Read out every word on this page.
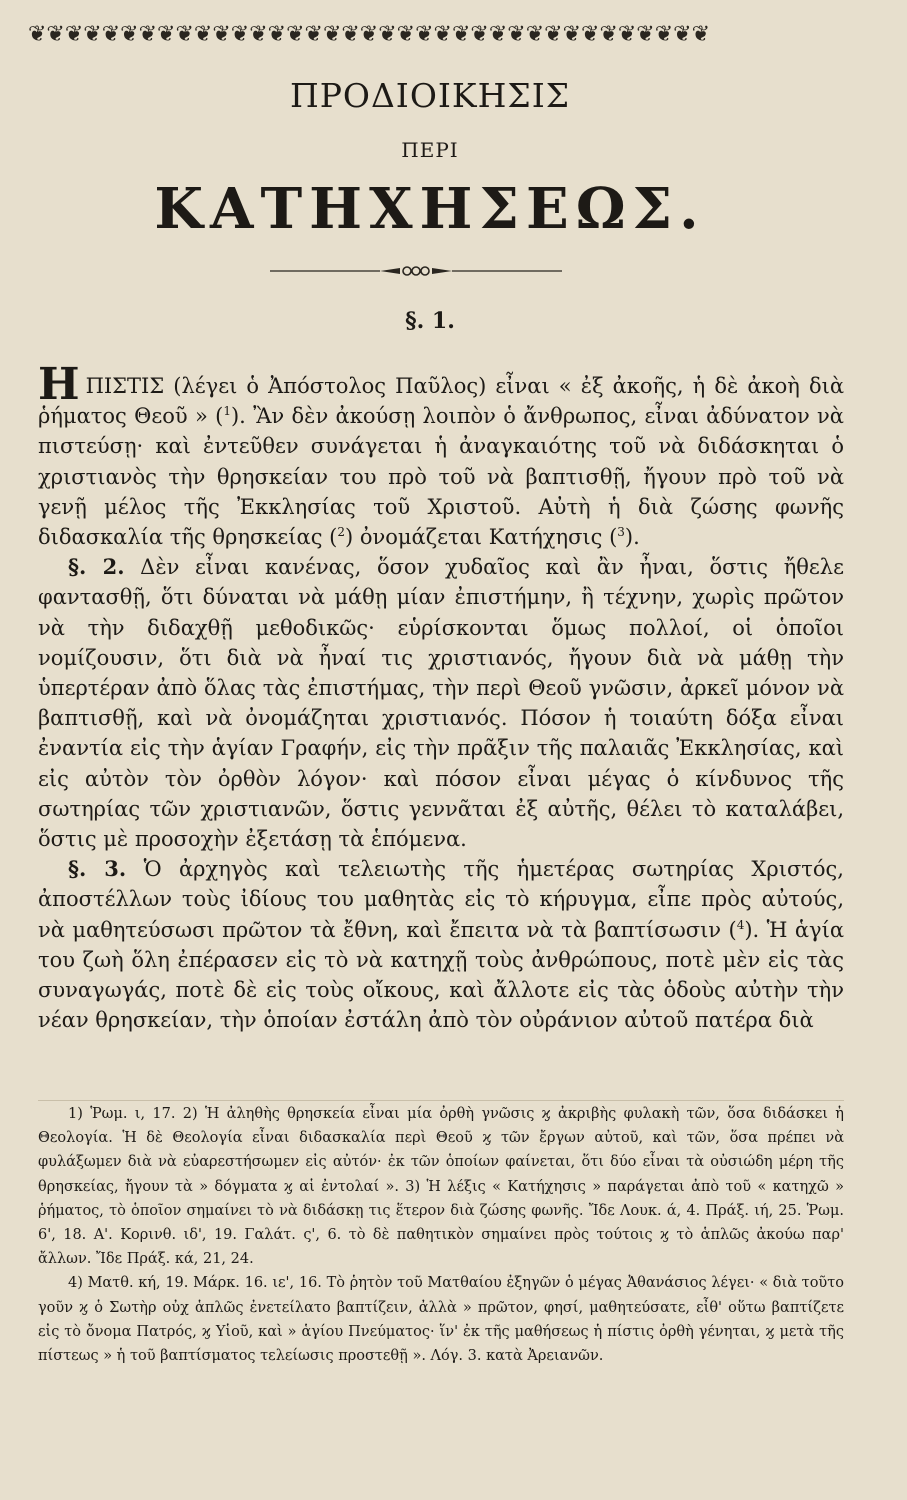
❦❦❦❦❦❦❦❦❦❦❦❦❦❦❦❦❦❦❦❦❦❦❦❦❦❦❦❦❦❦❦❦❦❦❦❦❦
ΠΡΟΔΙΟΙΚΗΣΙΣ
ΠΕΡΙ
ΚΑΤΗΧΗΣΕΩΣ.
§. 1.

ΗΠΙΣΤΙΣ (λέγει ὁ Ἀπόστολος Παῦλος) εἶναι « ἐξ ἀκοῆς, ἡ δὲ ἀκοὴ διὰ ῥήματος Θεοῦ » ($^1$). Ἂν δὲν ἀκούσῃ λοιπὸν ὁ ἄνθρωπος, εἶναι ἀδύνατον νὰ πιστεύσῃ· καὶ ἐντεῦθεν συνάγεται ἡ ἀναγκαιότης τοῦ νὰ διδάσκηται ὁ χριστιανὸς τὴν θρησκείαν του πρὸ τοῦ νὰ βαπτισθῇ, ἤγουν πρὸ τοῦ νὰ γενῇ μέλος τῆς Ἐκκλησίας τοῦ Χριστοῦ. Αὐτὴ ἡ διὰ ζώσης φωνῆς διδασκαλία τῆς θρησκείας ($^2$) ὀνομάζεται Κατήχησις ($^3$).

§. 2. Δὲν εἶναι κανένας, ὅσον χυδαῖος καὶ ἂν ἦναι, ὅστις ἤθελε φαντασθῇ, ὅτι δύναται νὰ μάθῃ μίαν ἐπιστήμην, ἢ τέχνην, χωρὶς πρῶτον νὰ τὴν διδαχθῇ μεθοδικῶς· εὑρίσκονται ὅμως πολλοί, οἱ ὁποῖοι νομίζουσιν, ὅτι διὰ νὰ ἦναί τις χριστιανός, ἤγουν διὰ νὰ μάθῃ τὴν ὑπερτέραν ἀπὸ ὅλας τὰς ἐπιστήμας, τὴν περὶ Θεοῦ γνῶσιν, ἀρκεῖ μόνον νὰ βαπτισθῇ, καὶ νὰ ὀνομάζηται χριστιανός. Πόσον ἡ τοιαύτη δόξα εἶναι ἐναντία εἰς τὴν ἁγίαν Γραφήν, εἰς τὴν πρᾶξιν τῆς παλαιᾶς Ἐκκλησίας, καὶ εἰς αὐτὸν τὸν ὀρθὸν λόγον· καὶ πόσον εἶναι μέγας ὁ κίνδυνος τῆς σωτηρίας τῶν χριστιανῶν, ὅστις γεννᾶται ἐξ αὐτῆς, θέλει τὸ καταλάβει, ὅστις μὲ προσοχὴν ἐξετάσῃ τὰ ἑπόμενα.

§. 3. Ὁ ἀρχηγὸς καὶ τελειωτὴς τῆς ἡμετέρας σωτηρίας Χριστός, ἀποστέλλων τοὺς ἰδίους του μαθητὰς εἰς τὸ κήρυγμα, εἶπε πρὸς αὐτούς, νὰ μαθητεύσωσι πρῶτον τὰ ἔθνη, καὶ ἔπειτα νὰ τὰ βαπτίσωσιν ($^4$). Ἡ ἁγία του ζωὴ ὅλη ἐπέρασεν εἰς τὸ νὰ κατηχῇ τοὺς ἀνθρώπους, ποτὲ μὲν εἰς τὰς συναγωγάς, ποτὲ δὲ εἰς τοὺς οἴκους, καὶ ἄλλοτε εἰς τὰς ὁδοὺς αὐτὴν τὴν νέαν θρησκείαν, τὴν ὁποίαν ἐστάλη ἀπὸ τὸν οὐράνιον αὐτοῦ πατέρα διὰ

1) Ῥωμ. ι, 17. 2) Ἡ ἀληθὴς θρησκεία εἶναι μία ὀρθὴ γνῶσις ϗ ἀκριβὴς φυλακὴ τῶν, ὅσα διδάσκει ἡ Θεολογία. Ἡ δὲ Θεολογία εἶναι διδασκαλία περὶ Θεοῦ ϗ τῶν ἔργων αὐτοῦ, καὶ τῶν, ὅσα πρέπει νὰ φυλάξωμεν διὰ νὰ εὐαρεστήσωμεν εἰς αὐτόν· ἐκ τῶν ὁποίων φαίνεται, ὅτι δύο εἶναι τὰ οὐσιώδη μέρη τῆς θρησκείας, ἤγουν τὰ » δόγματα ϗ αἱ ἐντολαί ». 3) Ἡ λέξις « Κατήχησις » παράγεται ἀπὸ τοῦ « κατηχῶ » ῥήματος, τὸ ὁποῖον σημαίνει τὸ νὰ διδάσκῃ τις ἕτερον διὰ ζώσης φωνῆς. Ἴδε Λουκ. ά, 4. Πράξ. ιή, 25. Ῥωμ. 6', 18. Α'. Κορινθ. ιδ', 19. Γαλάτ. ς', 6. τὸ δὲ παθητικὸν σημαίνει πρὸς τούτοις ϗ τὸ ἁπλῶς ἀκούω παρ' ἄλλων. Ἴδε Πράξ. κά, 21, 24.

4) Ματθ. κή, 19. Μάρκ. 16. ιε', 16. Τὸ ῥητὸν τοῦ Ματθαίου ἐξηγῶν ὁ μέγας Ἀθανάσιος λέγει· « διὰ τοῦτο γοῦν ϗ ὁ Σωτὴρ οὐχ ἁπλῶς ἐνετείλατο βαπτίζειν, ἀλλὰ » πρῶτον, φησί, μαθητεύσατε, εἶθ' οὕτω βαπτίζετε εἰς τὸ ὄνομα Πατρός, ϗ Υἱοῦ, καὶ » ἁγίου Πνεύματος· ἵν' ἐκ τῆς μαθήσεως ἡ πίστις ὀρθὴ γένηται, ϗ μετὰ τῆς πίστεως » ἡ τοῦ βαπτίσματος τελείωσις προστεθῇ ». Λόγ. 3. κατὰ Ἀρειανῶν.
